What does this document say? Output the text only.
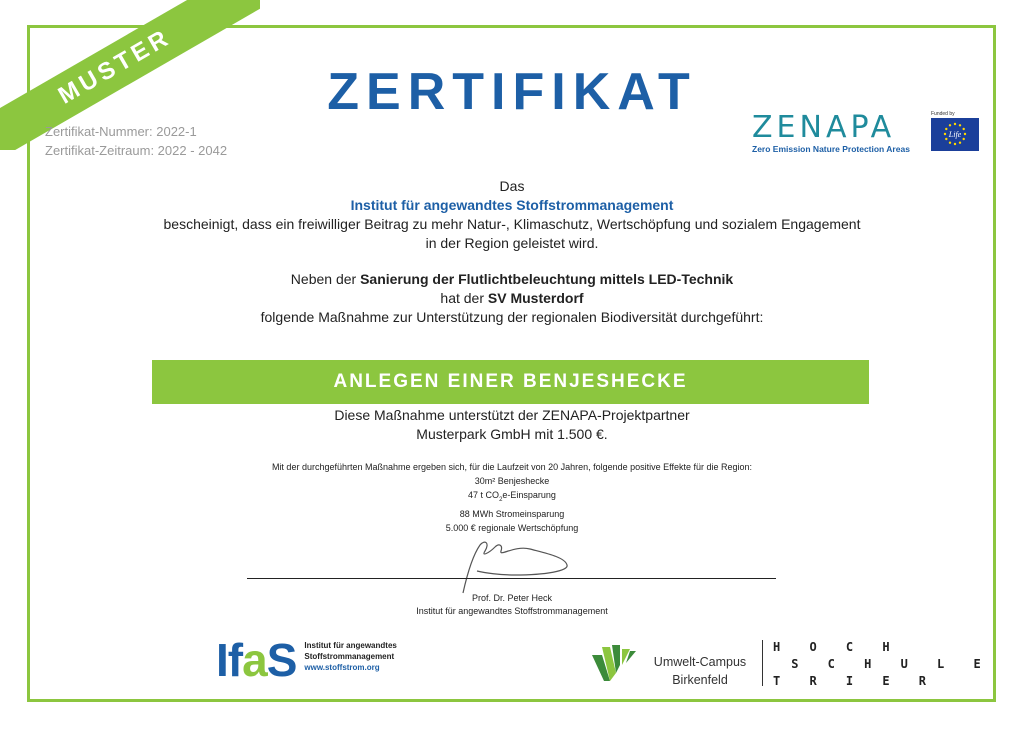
MUSTER	ZERTIFIKAT
Zertifikat-Nummer: 2022-1
Zertifikat-Zeitraum: 2022 - 2042
ZENAPA
Zero Emission Nature Protection Areas
Funded by
Life
Das
Institut für angewandtes Stoffstrommanagement
bescheinigt, dass ein freiwilliger Beitrag zu mehr Natur-, Klimaschutz, Wertschöpfung und sozialem Engagement
in der Region geleistet wird.
Neben der Sanierung der Flutlichtbeleuchtung mittels LED-Technik
hat der SV Musterdorf
folgende Maßnahme zur Unterstützung der regionalen Biodiversität durchgeführt:
ANLEGEN EINER BENJESHECKE
Diese Maßnahme unterstützt der ZENAPA-Projektpartner
Musterpark GmbH mit 1.500 €.
Mit der durchgeführten Maßnahme ergeben sich, für die Laufzeit von 20 Jahren, folgende positive Effekte für die Region:
30m² Benjeshecke
47 t $CO_2e$-Einsparung
88 MWh Stromeinsparung
5.000 € regionale Wertschöpfung
Prof. Dr. Peter Heck
Institut für angewandtes Stoffstrommanagement
IfaS Institut für angewandtes
Stoffstrommanagement
www.stoffstrom.org	Umwelt-Campus
Birkenfeld
H O C H
S C H U L E
T R I E R
